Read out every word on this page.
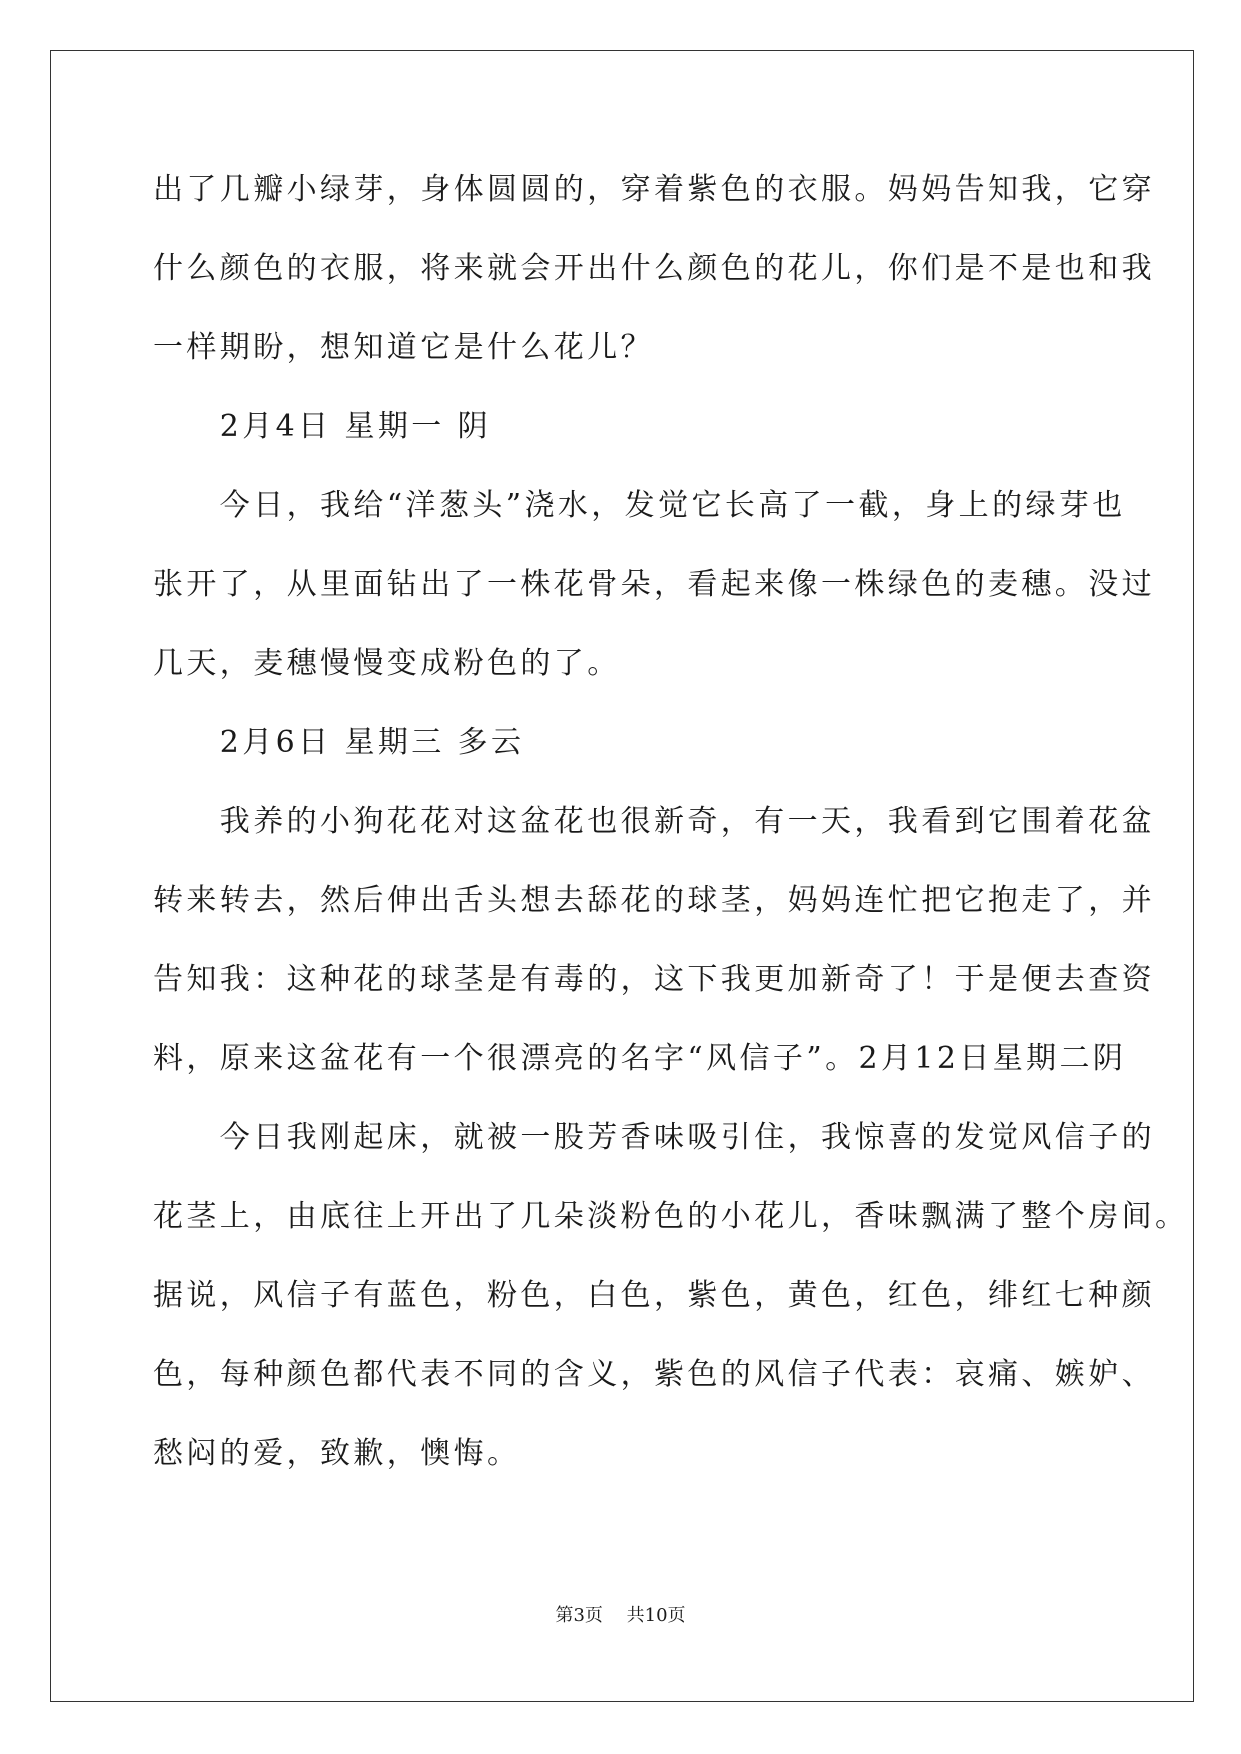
出了几瓣小绿芽，身体圆圆的，穿着紫色的衣服。妈妈告知我，它穿
什么颜色的衣服，将来就会开出什么颜色的花儿，你们是不是也和我
一样期盼，想知道它是什么花儿？
　　2月4日 星期一 阴
　　今日，我给“洋葱头”浇水，发觉它长高了一截，身上的绿芽也
张开了，从里面钻出了一株花骨朵，看起来像一株绿色的麦穗。没过
几天，麦穗慢慢变成粉色的了。
　　2月6日 星期三 多云
　　我养的小狗花花对这盆花也很新奇，有一天，我看到它围着花盆
转来转去，然后伸出舌头想去舔花的球茎，妈妈连忙把它抱走了，并
告知我：这种花的球茎是有毒的，这下我更加新奇了！于是便去查资
料，原来这盆花有一个很漂亮的名字“风信子”。2月12日星期二阴
　　今日我刚起床，就被一股芳香味吸引住，我惊喜的发觉风信子的
花茎上，由底往上开出了几朵淡粉色的小花儿，香味飘满了整个房间。
据说，风信子有蓝色，粉色，白色，紫色，黄色，红色，绯红七种颜
色，每种颜色都代表不同的含义，紫色的风信子代表：哀痛、嫉妒、
愁闷的爱，致歉，懊悔。
第3页　 共10页
